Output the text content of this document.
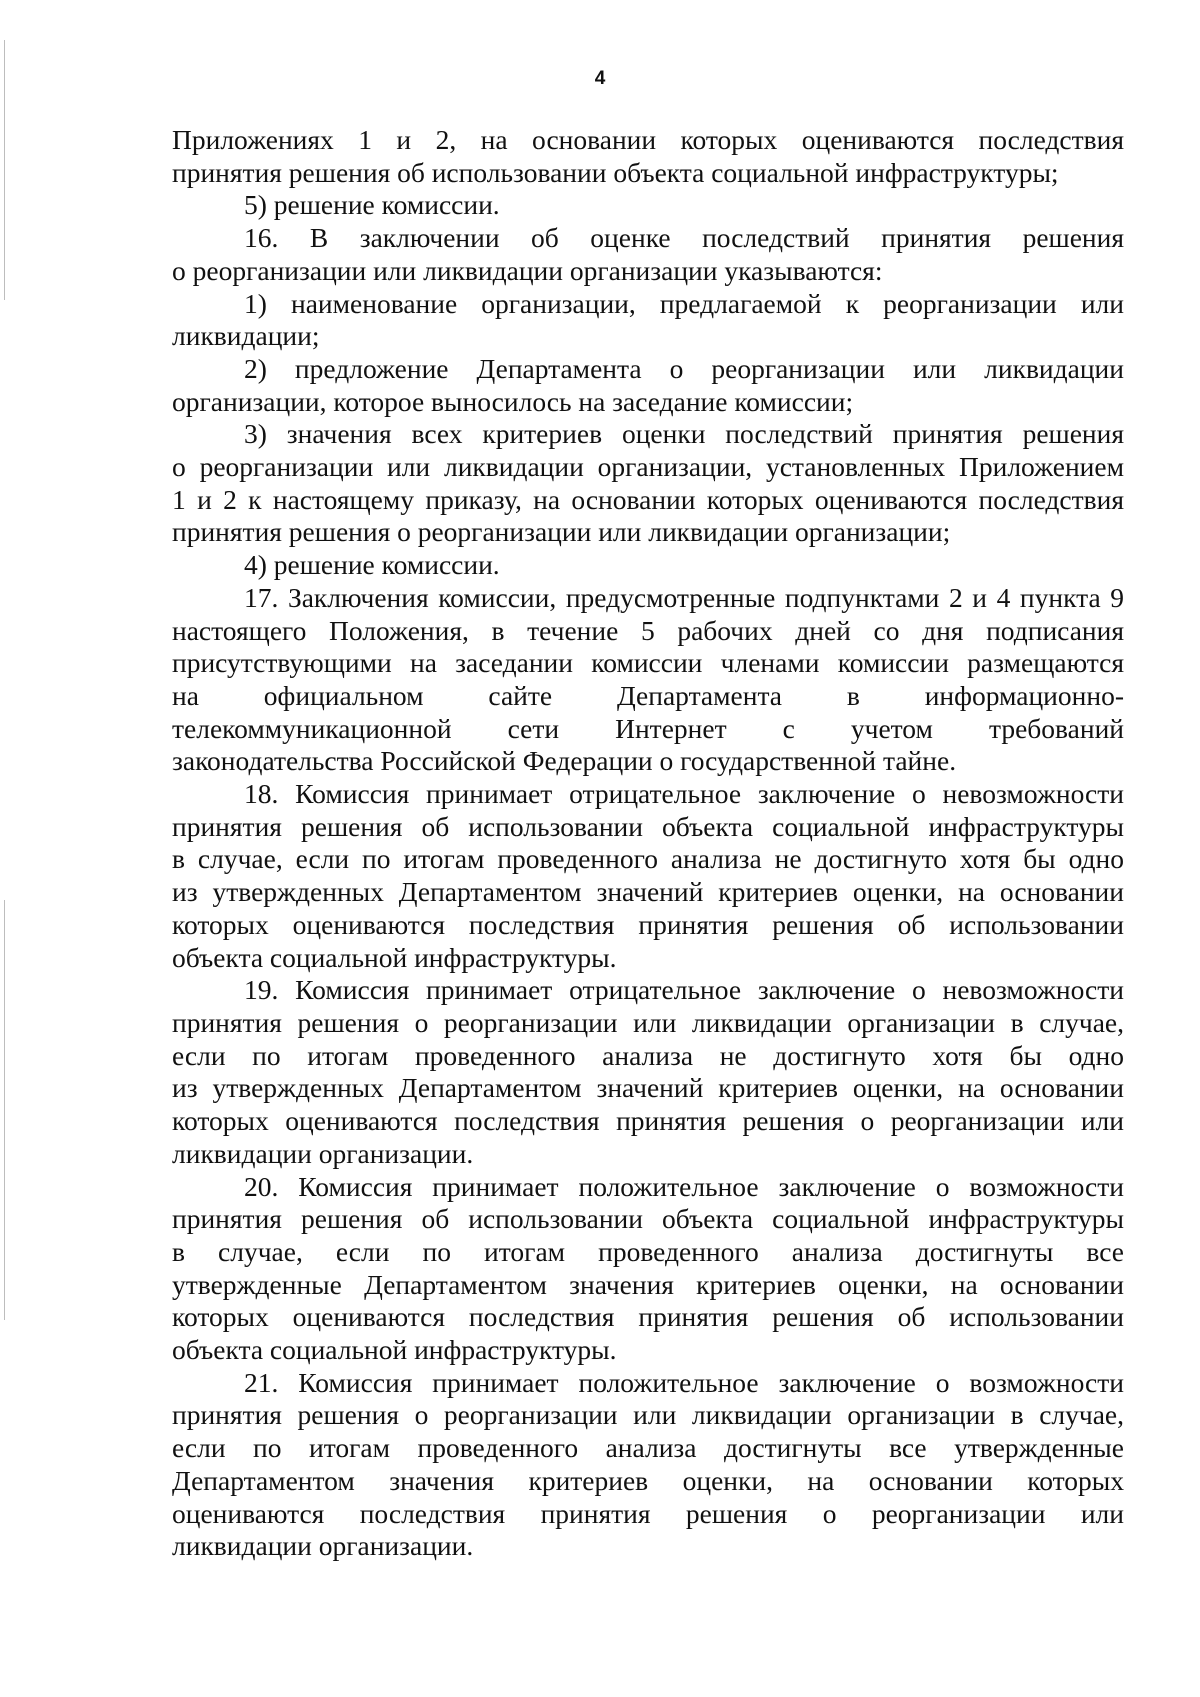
4
Приложениях 1 и 2, на основании которых оцениваются последствия
принятия решения об использовании объекта социальной инфраструктуры;
5) решение комиссии.
16. В заключении об оценке последствий принятия решения
о реорганизации или ликвидации организации указываются:
1) наименование организации, предлагаемой к реорганизации или
ликвидации;
2) предложение Департамента о реорганизации или ликвидации
организации, которое выносилось на заседание комиссии;
3) значения всех критериев оценки последствий принятия решения
о реорганизации или ликвидации организации, установленных Приложением
1 и 2 к настоящему приказу, на основании которых оцениваются последствия
принятия решения о реорганизации или ликвидации организации;
4) решение комиссии.
17. Заключения комиссии, предусмотренные подпунктами 2 и 4 пункта 9
настоящего Положения, в течение 5 рабочих дней со дня подписания
присутствующими на заседании комиссии членами комиссии размещаются
на официальном сайте Департамента в информационно-
телекоммуникационной сети Интернет с учетом требований
законодательства Российской Федерации о государственной тайне.
18. Комиссия принимает отрицательное заключение о невозможности
принятия решения об использовании объекта социальной инфраструктуры
в случае, если по итогам проведенного анализа не достигнуто хотя бы одно
из утвержденных Департаментом значений критериев оценки, на основании
которых оцениваются последствия принятия решения об использовании
объекта социальной инфраструктуры.
19. Комиссия принимает отрицательное заключение о невозможности
принятия решения о реорганизации или ликвидации организации в случае,
если по итогам проведенного анализа не достигнуто хотя бы одно
из утвержденных Департаментом значений критериев оценки, на основании
которых оцениваются последствия принятия решения о реорганизации или
ликвидации организации.
20. Комиссия принимает положительное заключение о возможности
принятия решения об использовании объекта социальной инфраструктуры
в случае, если по итогам проведенного анализа достигнуты все
утвержденные Департаментом значения критериев оценки, на основании
которых оцениваются последствия принятия решения об использовании
объекта социальной инфраструктуры.
21. Комиссия принимает положительное заключение о возможности
принятия решения о реорганизации или ликвидации организации в случае,
если по итогам проведенного анализа достигнуты все утвержденные
Департаментом значения критериев оценки, на основании которых
оцениваются последствия принятия решения о реорганизации или
ликвидации организации.
